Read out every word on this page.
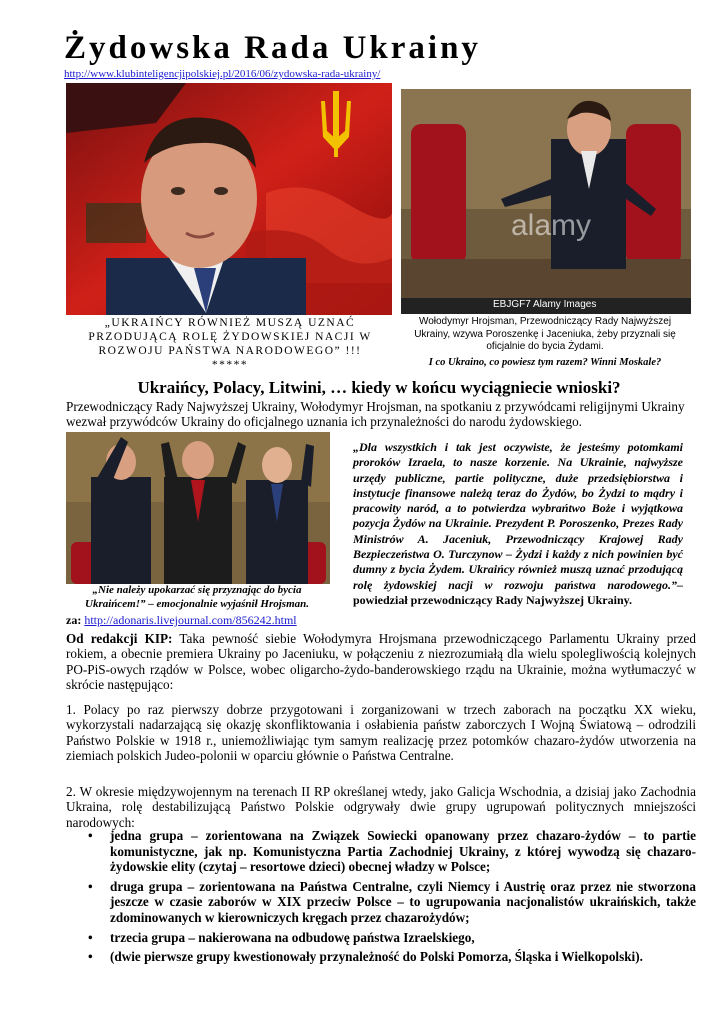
Żydowska Rada Ukrainy
http://www.klubinteligencjipolskiej.pl/2016/06/zydowska-rada-ukrainy/
alamy
EBJGF7 Alamy Images
„UKRAIŃCY RÓWNIEŻ MUSZĄ UZNAĆ PRZODUJĄCĄ ROLĘ ŻYDOWSKIEJ NACJI W ROZWOJU PAŃSTWA NARODOWEGO” !!!
*****
Wołodymyr Hrojsman, Przewodniczący Rady Najwyższej Ukrainy, wzywa Poroszenkę i Jaceniuka, żeby przyznali się oficjalnie do bycia Żydami.
I co Ukraino, co powiesz tym razem? Winni Moskale?
Ukraińcy, Polacy, Litwini, … kiedy w końcu wyciągniecie wnioski?
Przewodniczący Rady Najwyższej Ukrainy, Wołodymyr Hrojsman, na spotkaniu z przywódcami religijnymi Ukrainy wezwał przywódców Ukrainy do oficjalnego uznania ich przynależności do narodu żydowskiego.
„Dla wszystkich i tak jest oczywiste, że jesteśmy potomkami proroków Izraela, to nasze korzenie. Na Ukrainie, najwyższe urzędy publiczne, partie polityczne, duże przedsiębiorstwa i instytucje finansowe należą teraz do Żydów, bo Żydzi to mądry i pracowity naród, a to potwierdza wybrańtwo Boże i wyjątkowa pozycja Żydów na Ukrainie. Prezydent P. Poroszenko, Prezes Rady Ministrów A. Jaceniuk, Przewodniczący Krajowej Rady Bezpieczeństwa O. Turczynow – Żydzi i każdy z nich powinien być dumny z bycia Żydem. Ukraińcy również muszą uznać przodującą rolę żydowskiej nacji w rozwoju państwa narodowego.”– powiedział przewodniczący Rady Najwyższej Ukrainy.
„Nie należy upokarzać się przyznając do bycia Ukraińcem!” – emocjonalnie wyjaśnił Hrojsman.
za: http://adonaris.livejournal.com/856242.html
Od redakcji KIP: Taka pewność siebie Wołodymyra Hrojsmana przewodniczącego Parlamentu Ukrainy przed rokiem, a obecnie premiera Ukrainy po Jaceniuku, w połączeniu z niezrozumiałą dla wielu spolegliwością kolejnych PO-PiS-owych rządów w Polsce, wobec oligarcho-żydo-banderowskiego rządu na Ukrainie, można wytłumaczyć w skrócie następująco:
1. Polacy po raz pierwszy dobrze przygotowani i zorganizowani w trzech zaborach na początku XX wieku, wykorzystali nadarzającą się okazję skonfliktowania i osłabienia państw zaborczych I Wojną Światową – odrodzili Państwo Polskie w 1918 r., uniemożliwiając tym samym realizację przez potomków chazaro-żydów utworzenia na ziemiach polskich Judeo-polonii w oparciu głównie o Państwa Centralne.
2. W okresie międzywojennym na terenach II RP określanej wtedy, jako Galicja Wschodnia, a dzisiaj jako Zachodnia Ukraina, rolę destabilizującą Państwo Polskie odgrywały dwie grupy ugrupowań politycznych mniejszości narodowych:
• jedna grupa – zorientowana na Związek Sowiecki opanowany przez chazaro-żydów – to partie komunistyczne, jak np. Komunistyczna Partia Zachodniej Ukrainy, z której wywodzą się chazaro-żydowskie elity (czytaj – resortowe dzieci) obecnej władzy w Polsce;
• druga grupa – zorientowana na Państwa Centralne, czyli Niemcy i Austrię oraz przez nie stworzona jeszcze w czasie zaborów w XIX przeciw Polsce – to ugrupowania nacjonalistów ukraińskich, także zdominowanych w kierowniczych kręgach przez chazarożydów;
• trzecia grupa – nakierowana na odbudowę państwa Izraelskiego,
• (dwie pierwsze grupy kwestionowały przynależność do Polski Pomorza, Śląska i Wielkopolski).
